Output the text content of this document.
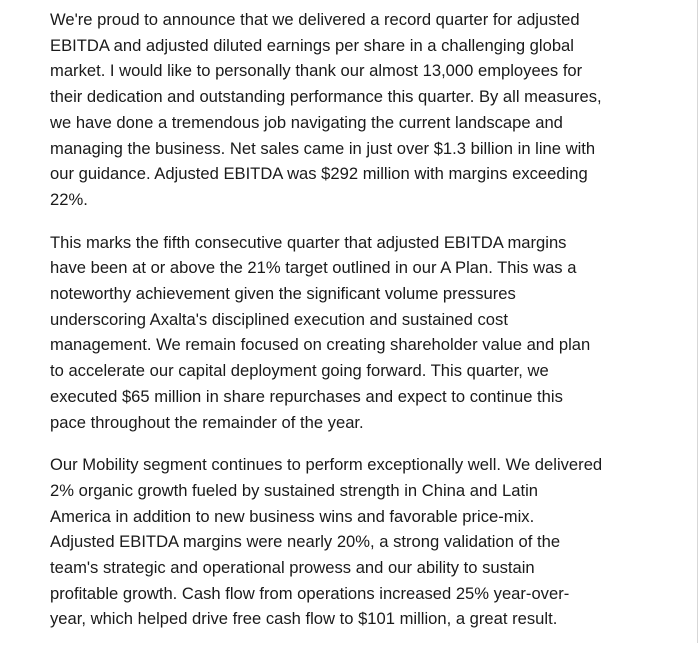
We're proud to announce that we delivered a record quarter for adjusted
EBITDA and adjusted diluted earnings per share in a challenging global
market. I would like to personally thank our almost 13,000 employees for
their dedication and outstanding performance this quarter. By all measures,
we have done a tremendous job navigating the current landscape and
managing the business. Net sales came in just over $1.3 billion in line with
our guidance. Adjusted EBITDA was $292 million with margins exceeding
22%.

This marks the fifth consecutive quarter that adjusted EBITDA margins
have been at or above the 21% target outlined in our A Plan. This was a
noteworthy achievement given the significant volume pressures
underscoring Axalta's disciplined execution and sustained cost
management. We remain focused on creating shareholder value and plan
to accelerate our capital deployment going forward. This quarter, we
executed $65 million in share repurchases and expect to continue this
pace throughout the remainder of the year.

Our Mobility segment continues to perform exceptionally well. We delivered
2% organic growth fueled by sustained strength in China and Latin
America in addition to new business wins and favorable price-mix.
Adjusted EBITDA margins were nearly 20%, a strong validation of the
team's strategic and operational prowess and our ability to sustain
profitable growth. Cash flow from operations increased 25% year-over-
year, which helped drive free cash flow to $101 million, a great result.
